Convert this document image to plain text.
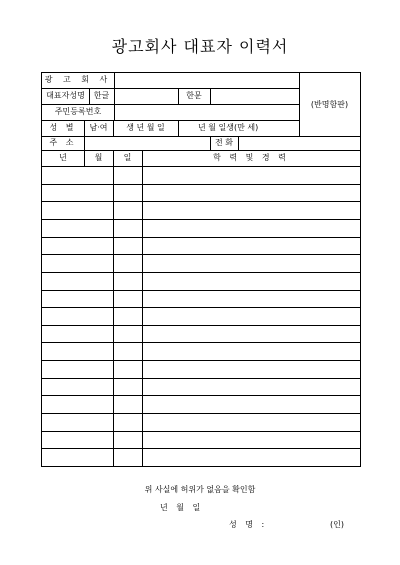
광고회사 대표자 이력서
광 고 회 사
대표자성명	한글	한문
주민등록번호
성 별	남·여	생 년 월 일	년 월 일생(만 세)
주 소	전 화
(반명함판)
년	월	일	학 력 및 경 력
위 사실에 허위가 없음을 확인함
년 월 일
성 명 :	(인)
